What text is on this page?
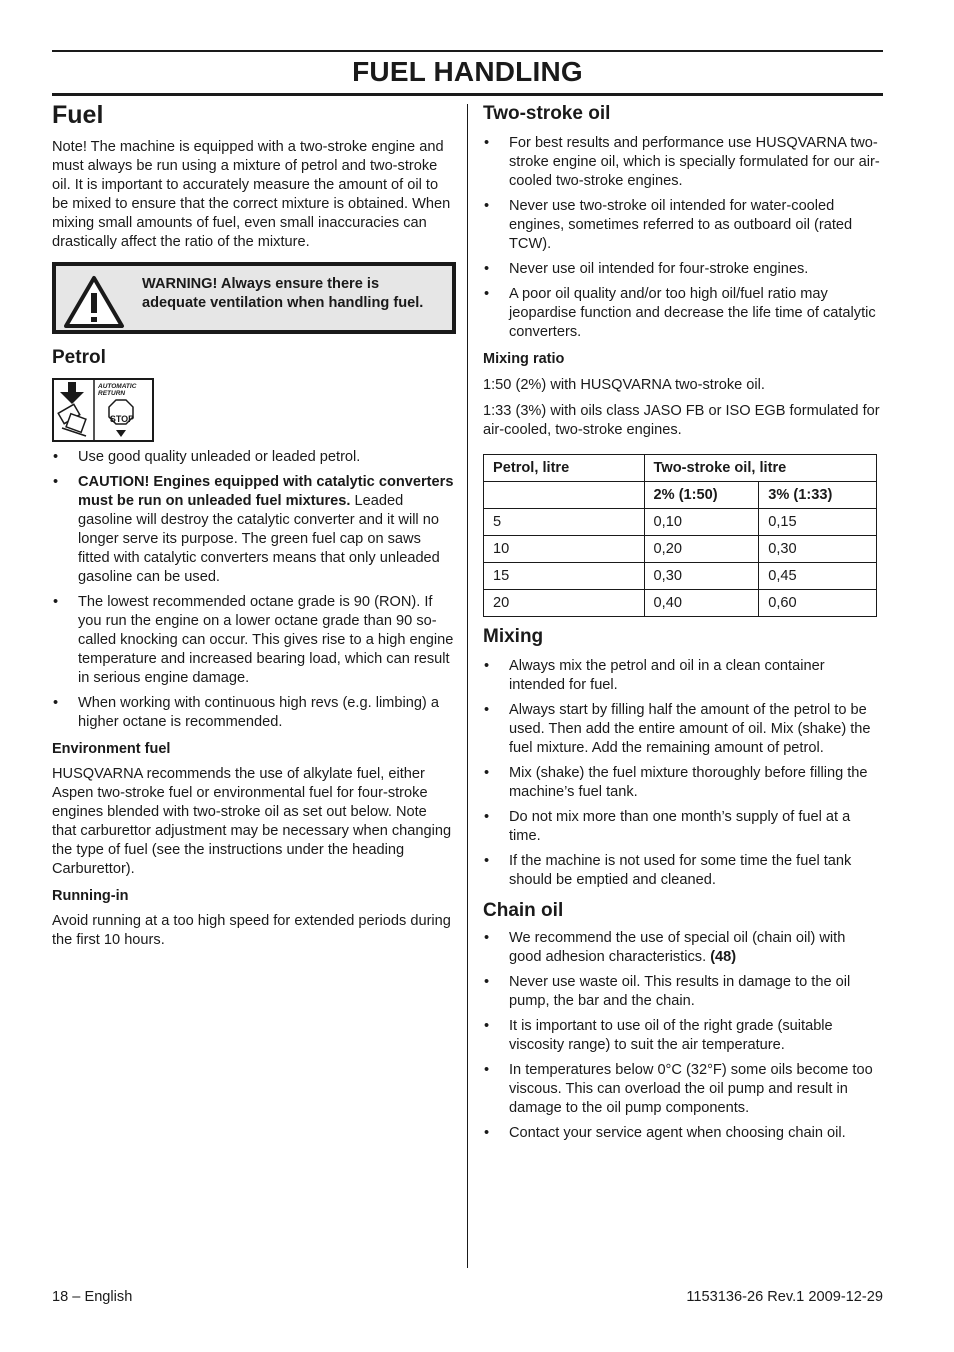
FUEL HANDLING
Fuel

Note! The machine is equipped with a two-stroke engine and must always be run using a mixture of petrol and two-stroke oil. It is important to accurately measure the amount of oil to be mixed to ensure that the correct mixture is obtained. When mixing small amounts of fuel, even small inaccuracies can drastically affect the ratio of the mixture.

WARNING! Always ensure there is
adequate ventilation when handling fuel.
Petrol
AUTOMATIC
RETURN
STOP
• Use good quality unleaded or leaded petrol.
• CAUTION! Engines equipped with catalytic converters must be run on unleaded fuel mixtures. Leaded gasoline will destroy the catalytic converter and it will no longer serve its purpose. The green fuel cap on saws fitted with catalytic converters means that only unleaded gasoline can be used.
• The lowest recommended octane grade is 90 (RON). If you run the engine on a lower octane grade than 90 so-called knocking can occur. This gives rise to a high engine temperature and increased bearing load, which can result in serious engine damage.
• When working with continuous high revs (e.g. limbing) a higher octane is recommended.
Environment fuel

HUSQVARNA recommends the use of alkylate fuel, either Aspen two-stroke fuel or environmental fuel for four-stroke engines blended with two-stroke oil as set out below. Note that carburettor adjustment may be necessary when changing the type of fuel (see the instructions under the heading Carburettor).

Running-in

Avoid running at a too high speed for extended periods during the first 10 hours.

Two-stroke oil
• For best results and performance use HUSQVARNA two-stroke engine oil, which is specially formulated for our air-cooled two-stroke engines.
• Never use two-stroke oil intended for water-cooled engines, sometimes referred to as outboard oil (rated TCW).
• Never use oil intended for four-stroke engines.
• A poor oil quality and/or too high oil/fuel ratio may jeopardise function and decrease the life time of catalytic converters.
Mixing ratio

1:50 (2%) with HUSQVARNA two-stroke oil.

1:33 (3%) with oils class JASO FB or ISO EGB formulated for air-cooled, two-stroke engines.

Petrol, litre	Two-stroke oil, litre	
	2% (1:50)	3% (1:33)
5	0,10	0,15
10	0,20	0,30
15	0,30	0,45
20	0,40	0,60
Mixing
• Always mix the petrol and oil in a clean container intended for fuel.
• Always start by filling half the amount of the petrol to be used. Then add the entire amount of oil. Mix (shake) the fuel mixture. Add the remaining amount of petrol.
• Mix (shake) the fuel mixture thoroughly before filling the machine’s fuel tank.
• Do not mix more than one month’s supply of fuel at a time.
• If the machine is not used for some time the fuel tank should be emptied and cleaned.
Chain oil
• We recommend the use of special oil (chain oil) with good adhesion characteristics. (48)
• Never use waste oil. This results in damage to the oil pump, the bar and the chain.
• It is important to use oil of the right grade (suitable viscosity range) to suit the air temperature.
• In temperatures below 0°C (32°F) some oils become too viscous. This can overload the oil pump and result in damage to the oil pump components.
• Contact your service agent when choosing chain oil.
18 – English	1153136-26 Rev.1 2009-12-29
